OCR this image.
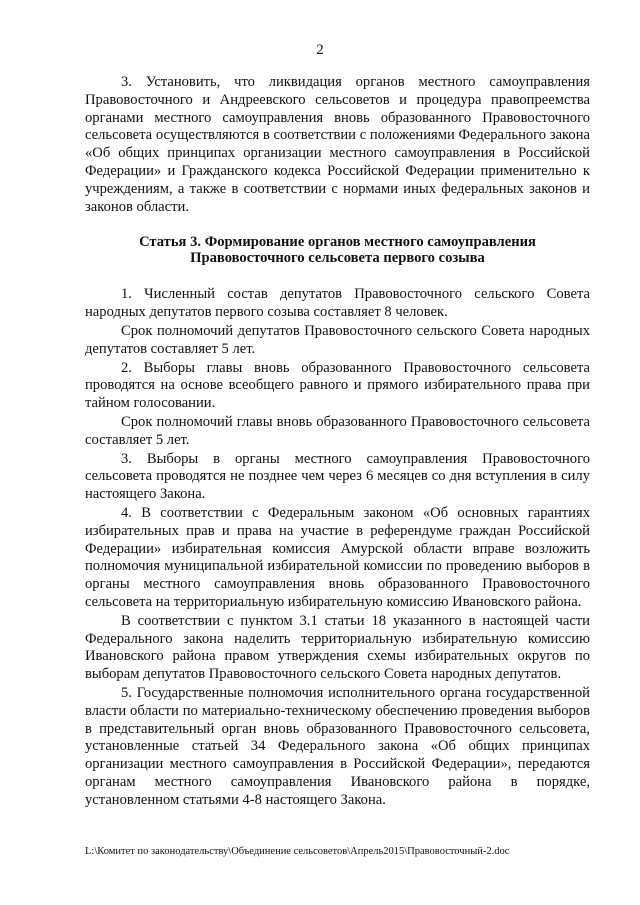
2

3. Установить, что ликвидация органов местного самоуправления Правовосточного и Андреевского сельсоветов и процедура правопреемства органами местного самоуправления вновь образованного Правовосточного сельсовета осуществляются в соответствии с положениями Федерального закона «Об общих принципах организации местного самоуправления в Российской Федерации» и Гражданского кодекса Российской Федерации применительно к учреждениям, а также в соответствии с нормами иных федеральных законов и законов области.

Статья 3. Формирование органов местного самоуправления
Правовосточного сельсовета первого созыва

1. Численный состав депутатов Правовосточного сельского Совета народных депутатов первого созыва составляет 8 человек.

Срок полномочий депутатов Правовосточного сельского Совета народных депутатов составляет 5 лет.

2. Выборы главы вновь образованного Правовосточного сельсовета проводятся на основе всеобщего равного и прямого избирательного права при тайном голосовании.

Срок полномочий главы вновь образованного Правовосточного сельсовета составляет 5 лет.

3. Выборы в органы местного самоуправления Правовосточного сельсовета проводятся не позднее чем через 6 месяцев со дня вступления в силу настоящего Закона.

4. В соответствии с Федеральным законом «Об основных гарантиях избирательных прав и права на участие в референдуме граждан Российской Федерации» избирательная комиссия Амурской области вправе возложить полномочия муниципальной избирательной комиссии по проведению выборов в органы местного самоуправления вновь образованного Правовосточного сельсовета на территориальную избирательную комиссию Ивановского района.

В соответствии с пунктом 3.1 статьи 18 указанного в настоящей части Федерального закона наделить территориальную избирательную комиссию Ивановского района правом утверждения схемы избирательных округов по выборам депутатов Правовосточного сельского Совета народных депутатов.

5. Государственные полномочия исполнительного органа государственной власти области по материально-техническому обеспечению проведения выборов в представительный орган вновь образованного Правовосточного сельсовета, установленные статьей 34 Федерального закона «Об общих принципах организации местного самоуправления в Российской Федерации», передаются органам местного самоуправления Ивановского района в порядке, установленном статьями 4-8 настоящего Закона.

L:\Комитет по законодательству\Объединение сельсоветов\Апрель2015\Правовосточный-2.doc
